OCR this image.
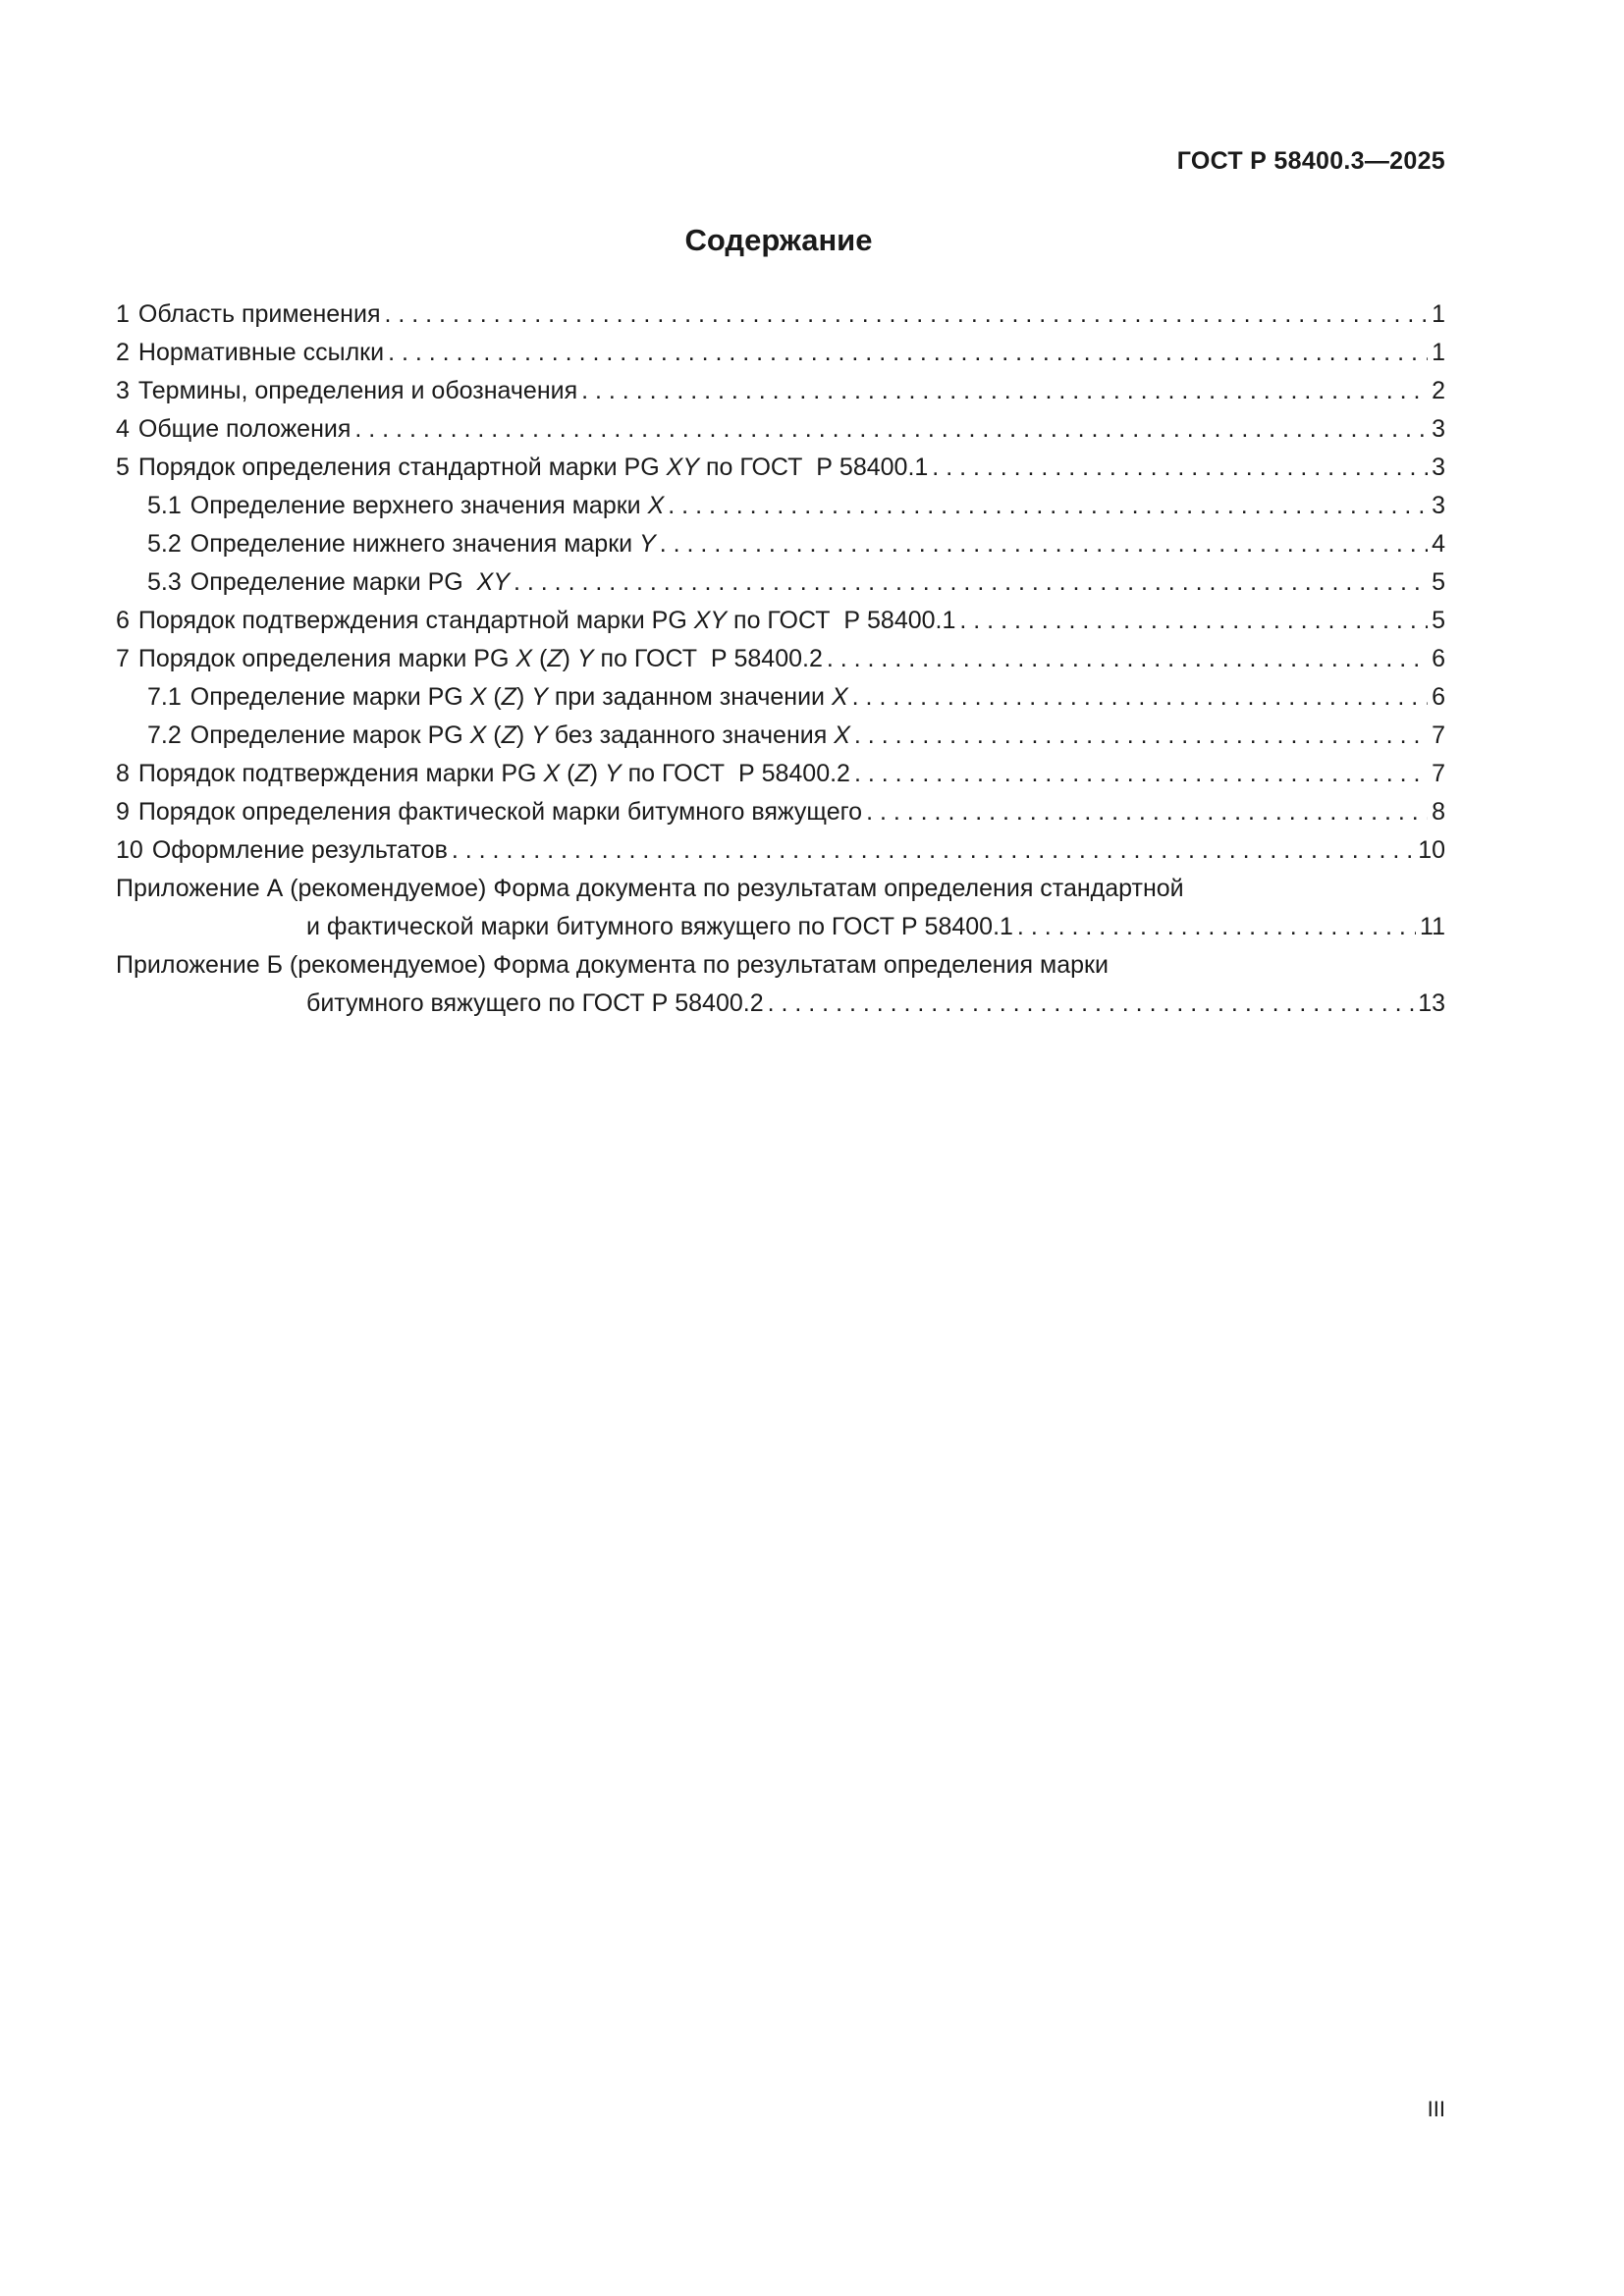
ГОСТ Р 58400.3—2025
Содержание
1 Область применения . . .	1
2 Нормативные ссылки . . .	1
3 Термины, определения и обозначения . . .	2
4 Общие положения . . .	3
5 Порядок определения стандартной марки PG XY по ГОСТ  Р 58400.1 . . .	3
5.1 Определение верхнего значения марки X . . .	3
5.2 Определение нижнего значения марки Y . . .	4
5.3 Определение марки PG  XY . . .	5
6 Порядок подтверждения стандартной марки PG XY по ГОСТ  Р 58400.1 . . .	5
7 Порядок определения марки PG X (Z) Y по ГОСТ  Р 58400.2 . . .	6
7.1 Определение марки PG X (Z) Y при заданном значении X . . .	6
7.2 Определение марок PG X (Z) Y без заданного значения X . . .	7
8 Порядок подтверждения марки PG X (Z) Y по ГОСТ  Р 58400.2 . . .	7
9 Порядок определения фактической марки битумного вяжущего . . .	8
10 Оформление результатов . . .	10
Приложение А (рекомендуемое) Форма документа по результатам определения стандартной
и фактической марки битумного вяжущего по ГОСТ Р 58400.1 . . .	11
Приложение Б (рекомендуемое) Форма документа по результатам определения марки
битумного вяжущего по ГОСТ Р 58400.2 . . .	13
III
